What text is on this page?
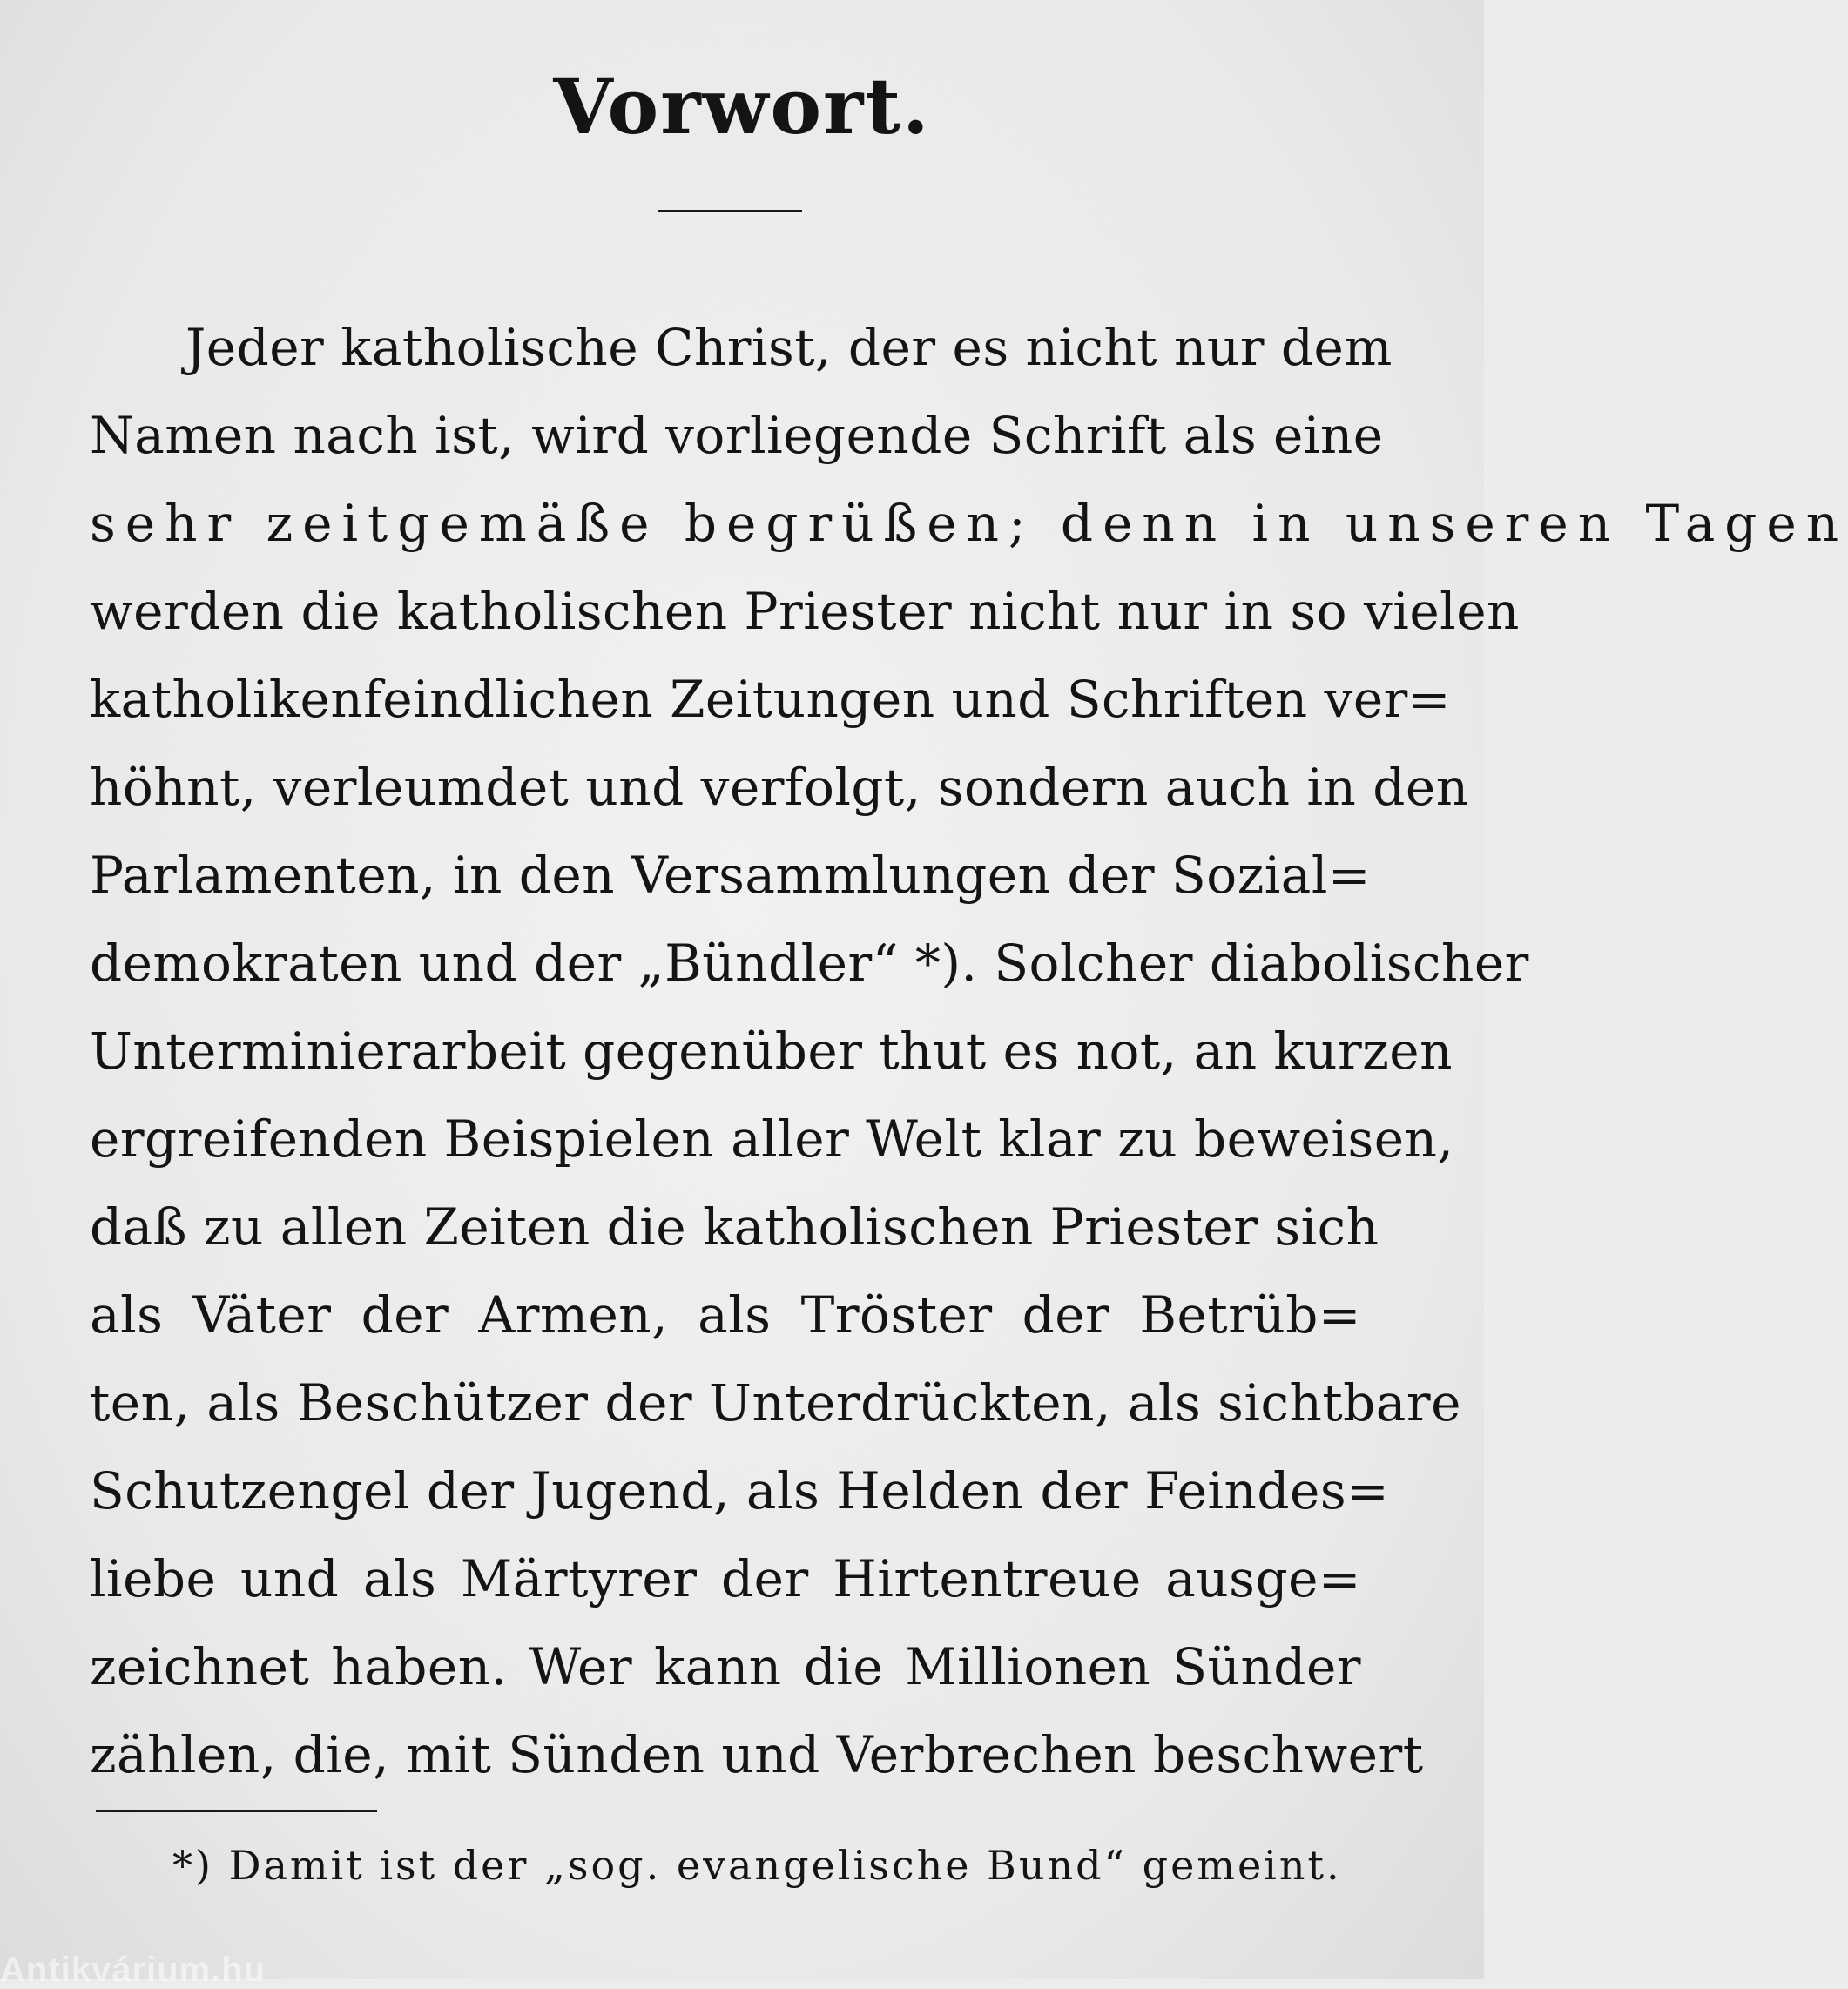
Vorwort.
Jeder katholische Christ, der es nicht nur dem
Namen nach ist, wird vorliegende Schrift als eine
sehr zeitgemäße begrüßen; denn in unseren Tagen
werden die katholischen Priester nicht nur in so vielen
katholikenfeindlichen Zeitungen und Schriften ver=
höhnt, verleumdet und verfolgt, sondern auch in den
Parlamenten, in den Versammlungen der Sozial=
demokraten und der „Bündler“ *). Solcher diabolischer
Unterminierarbeit gegenüber thut es not, an kurzen
ergreifenden Beispielen aller Welt klar zu beweisen,
daß zu allen Zeiten die katholischen Priester sich
als Väter der Armen, als Tröster der Betrüb=
ten, als Beschützer der Unterdrückten, als sichtbare
Schutzengel der Jugend, als Helden der Feindes=
liebe und als Märtyrer der Hirtentreue ausge=
zeichnet haben. Wer kann die Millionen Sünder
zählen, die, mit Sünden und Verbrechen beschwert
*) Damit ist der „sog. evangelische Bund“ gemeint.
Antikvárium.hu
